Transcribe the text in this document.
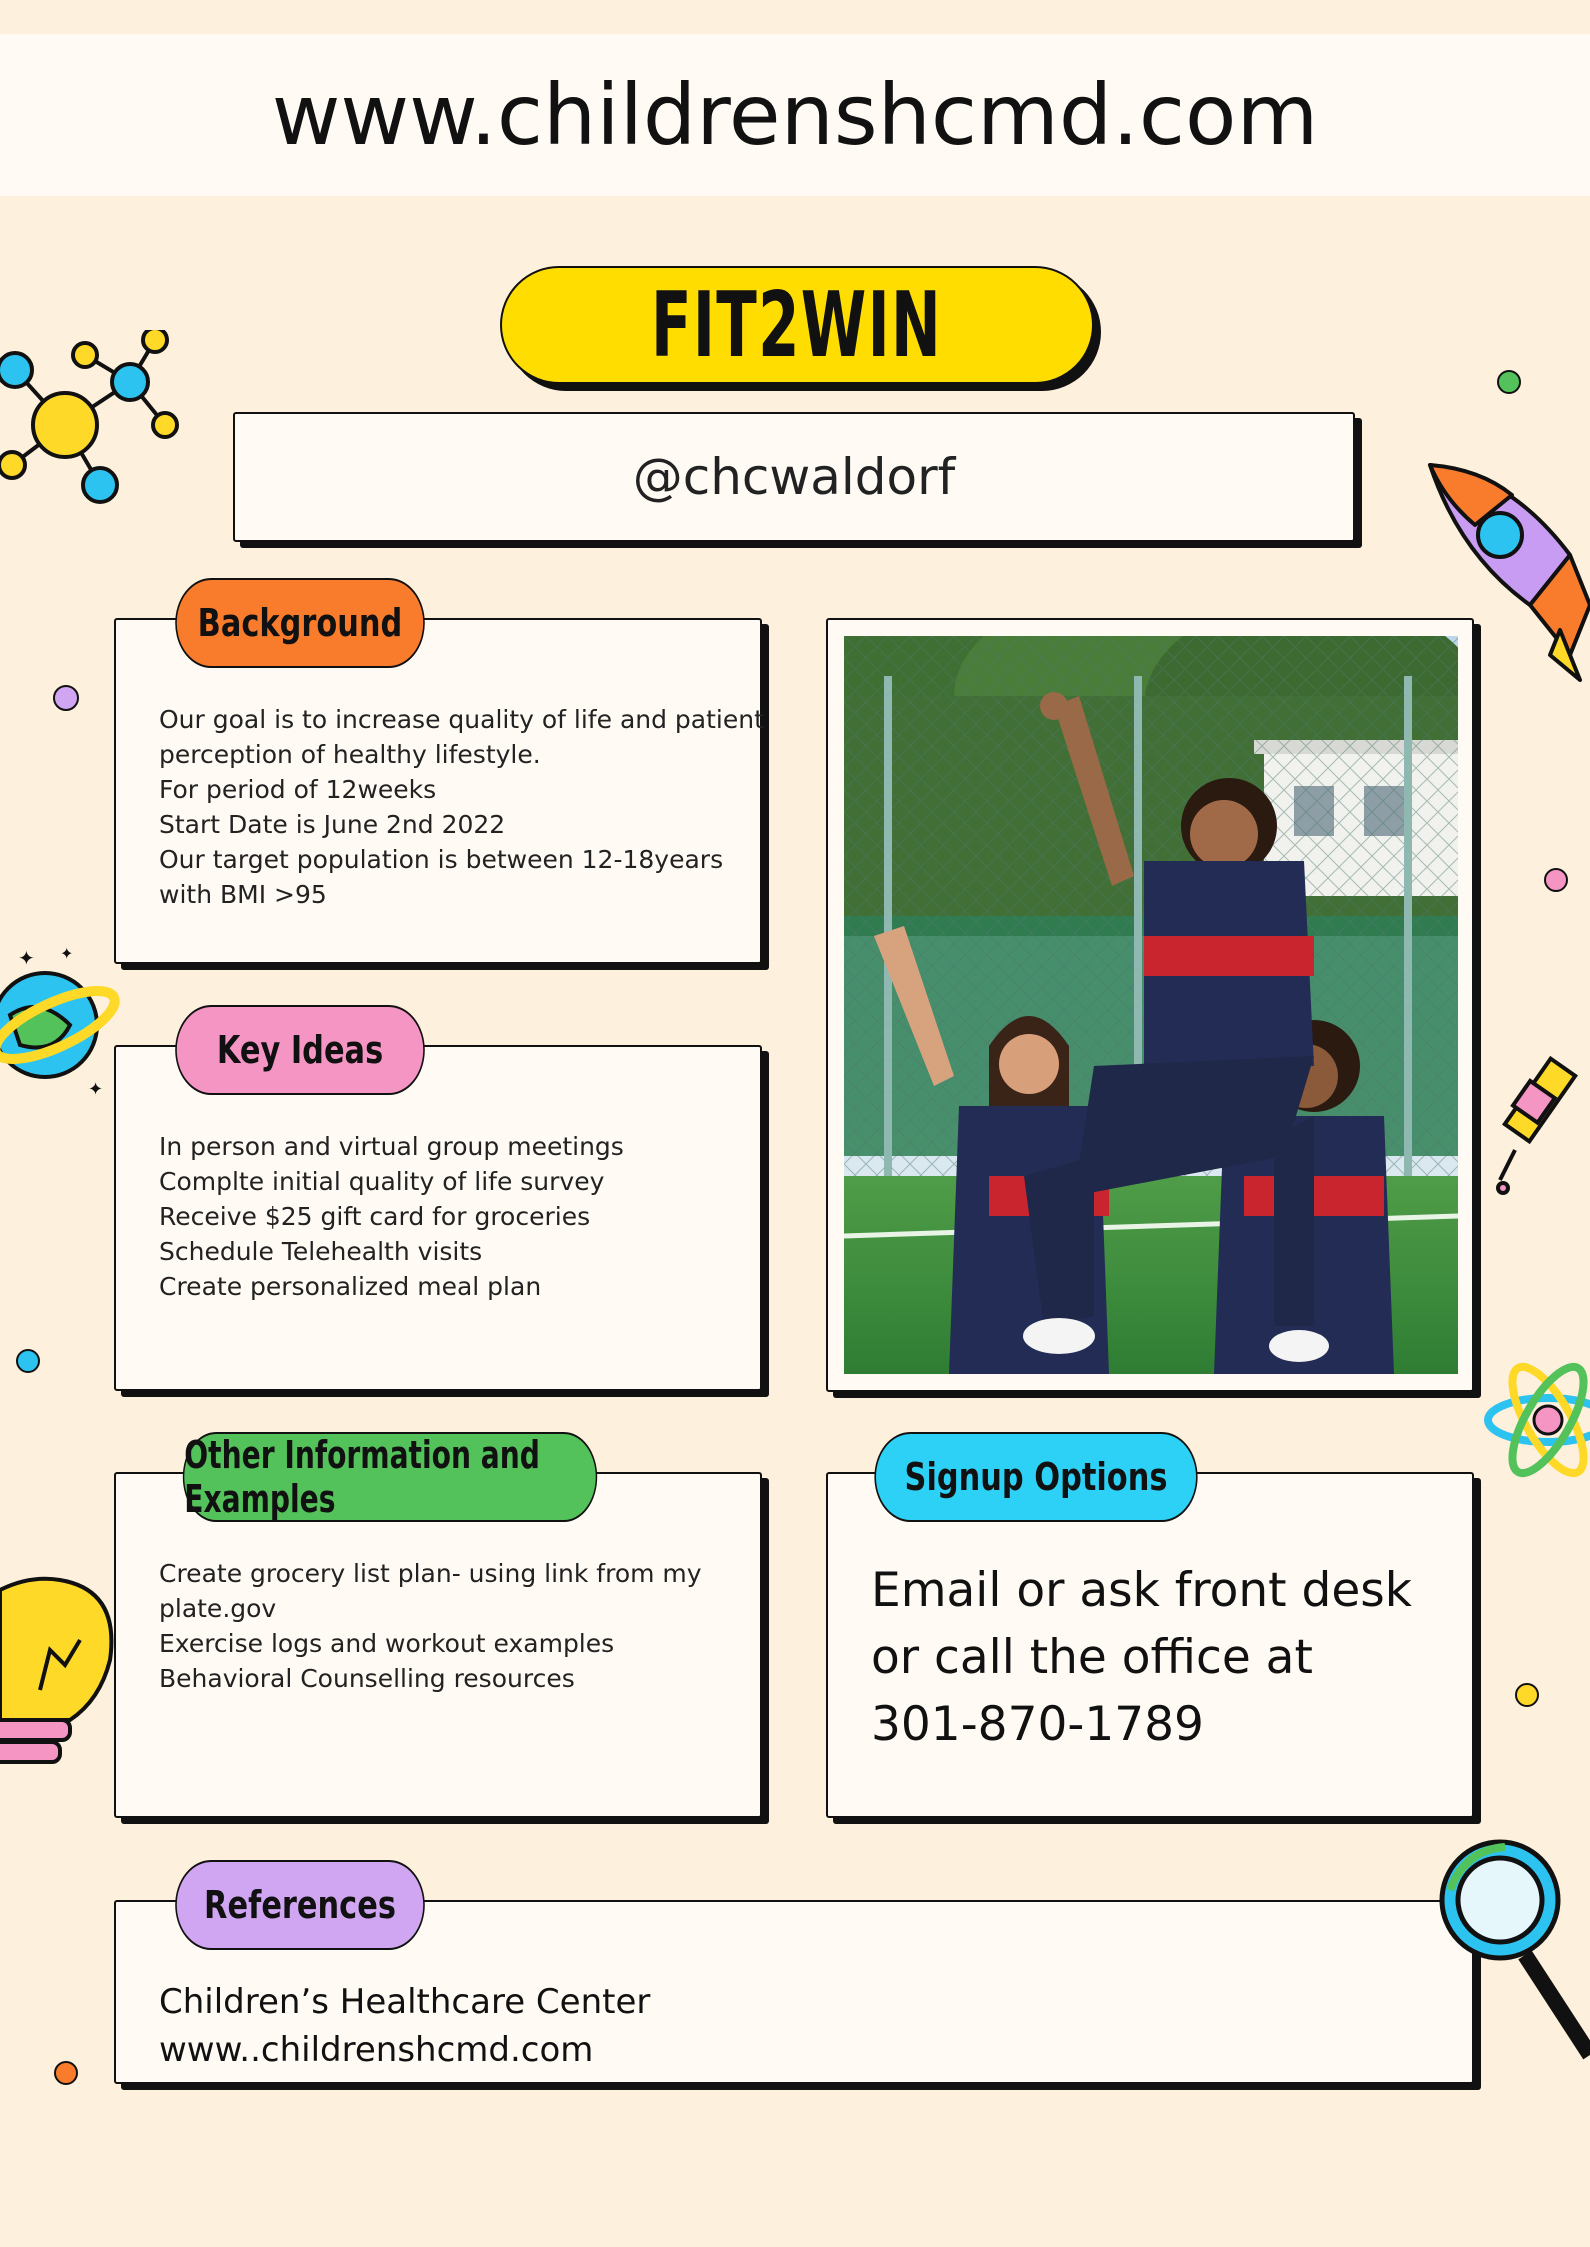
www.childrenshcmd.com
FIT2WIN
@chcwaldorf
Background
Our goal is to increase quality of life and patient
perception of healthy lifestyle.
For period of 12weeks
Start Date is June 2nd 2022
Our target population is between 12-18years
with BMI >95
Key Ideas
In person and virtual group meetings
Complte initial quality of life survey
Receive $25 gift card for groceries
Schedule Telehealth visits
Create personalized meal plan
Other Information and Examples
Create grocery list plan- using link from my
plate.gov
Exercise logs and workout examples
Behavioral Counselling resources
Signup Options
Email or ask front desk
or call the office at
301-870-1789
References
Children’s Healthcare Center
www..childrenshcmd.com
✦ ✦
✦
